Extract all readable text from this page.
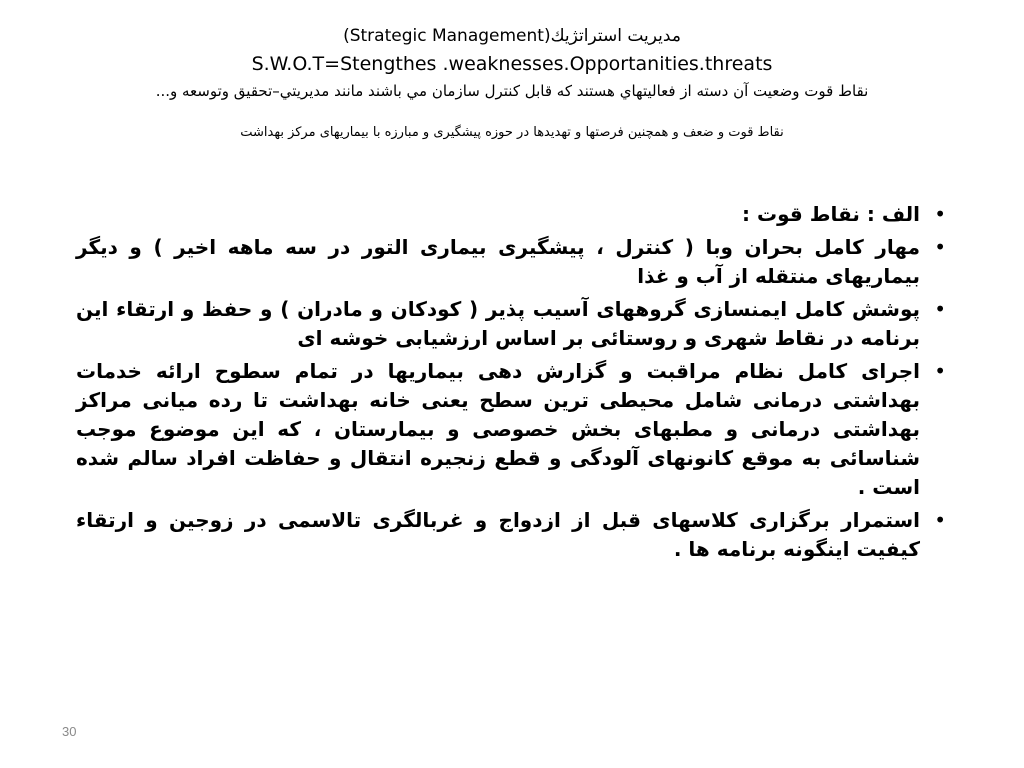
مديريت استراتژيك(Strategic Management)
S.W.O.T=Stengthes .weaknesses.Opportanities.threats
نقاط قوت وضعيت آن دسته از فعاليتهاي هستند كه قابل كنترل سازمان مي باشند مانند مديريتي–تحقيق وتوسعه و...
نقاط قوت و ضعف و همچنین فرصتها و تهدیدها در حوزه پیشگیری و مبارزه با بیماریهای مرکز بهداشت
•
الف : نقاط قوت :
•
مهار کامل بحران وبا ( کنترل ، پیشگیری بیماری التور در سه ماهه اخیر ) و دیگر بیماریهای منتقله از آب و غذا
•
پوشش کامل ایمنسازی گروههای آسیب پذیر ( کودکان و مادران ) و حفظ و ارتقاء این برنامه در نقاط شهری و روستائی بر اساس ارزشیابی خوشه ای
•
اجرای کامل نظام مراقبت و گزارش دهی بیماریها در تمام سطوح ارائه خدمات بهداشتی درمانی شامل محیطی ترین سطح یعنی خانه بهداشت تا رده میانی مراکز بهداشتی درمانی و مطبهای بخش خصوصی و بیمارستان ، که این موضوع موجب شناسائی به موقع کانونهای آلودگی و قطع زنجیره انتقال و حفاظت افراد سالم شده است .
•
استمرار برگزاری کلاسهای قبل از ازدواج و غربالگری تالاسمی در زوجین و ارتقاء کیفیت اینگونه برنامه ها .
30
